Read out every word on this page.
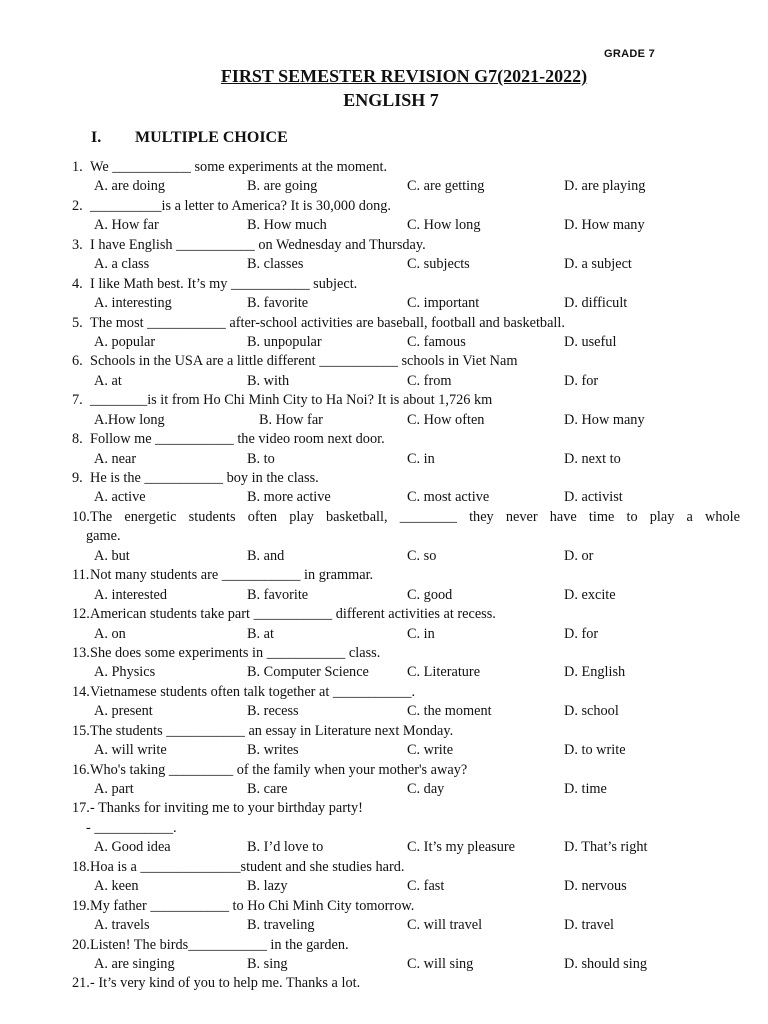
GRADE 7
FIRST SEMESTER REVISION G7(2021-2022)
ENGLISH 7
I. MULTIPLE CHOICE
1. We ___________ some experiments at the moment.
A. are doing	B. are going	C. are getting	D. are playing
2. __________is a letter to America? It is 30,000 dong.
A. How far	B. How much	C. How long	D. How many
3. I have English ___________ on Wednesday and Thursday.
A. a class	B. classes	C. subjects	D. a subject
4. I like Math best. It’s my ___________ subject.
A. interesting	B. favorite	C. important	D. difficult
5. The most ___________ after-school activities are baseball, football and basketball.
A. popular	B. unpopular	C. famous	D. useful
6. Schools in the USA are a little different ___________ schools in Viet Nam
A. at	B. with	C. from	D. for
7. ________is it from Ho Chi Minh City to Ha Noi? It is about 1,726 km
A.How long	B. How far	C. How often	D. How many
8. Follow me ___________ the video room next door.
A. near	B. to	C. in	D. next to
9. He is the ___________ boy in the class.
A. active	B. more active	C. most active	D. activist
10. The energetic students often play basketball, ________ they never have time to play a whole
game.
A. but	B. and	C. so	D. or
11. Not many students are ___________ in grammar.
A. interested	B. favorite	C. good	D. excite
12. American students take part ___________ different activities at recess.
A. on	B. at	C. in	D. for
13. She does some experiments in ___________ class.
A. Physics	B. Computer Science	C. Literature	D. English
14. Vietnamese students often talk together at ___________.
A. present	B. recess	C. the moment	D. school
15. The students ___________ an essay in Literature next Monday.
A. will write	B. writes	C. write	D. to write
16. Who's taking _________ of the family when your mother's away?
A. part	B. care	C. day	D. time
17. - Thanks for inviting me to your birthday party!
- ___________.
A. Good idea	B. I’d love to	C. It’s my pleasure	D. That’s right
18. Hoa is a ______________student and she studies hard.
A. keen	B. lazy	C. fast	D. nervous
19. My father ___________ to Ho Chi Minh City tomorrow.
A. travels	B. traveling	C. will travel	D. travel
20. Listen! The birds___________ in the garden.
A. are singing	B. sing	C. will sing	D. should sing
21. - It’s very kind of you to help me. Thanks a lot.
